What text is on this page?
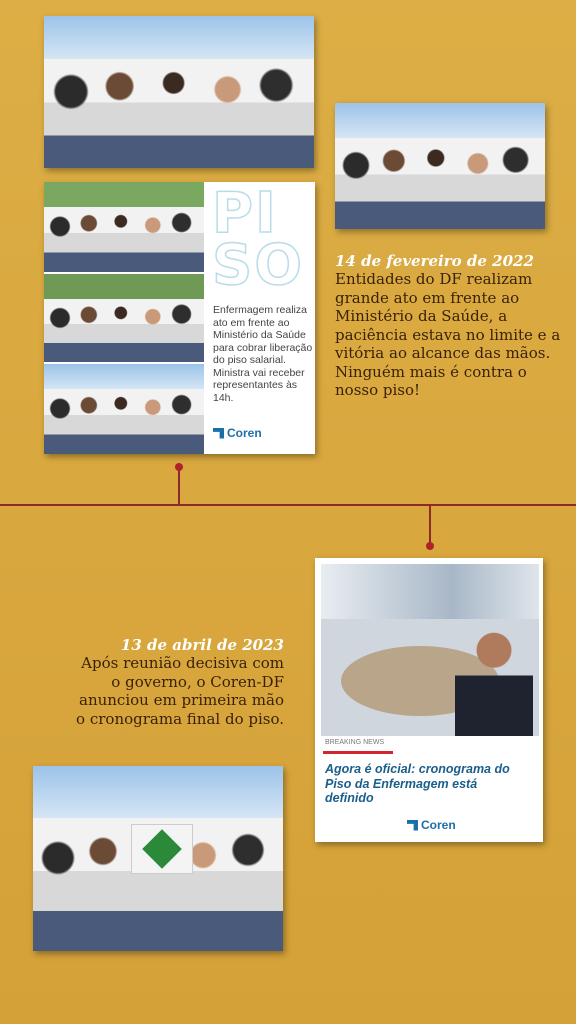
PI
SO
Enfermagem realiza ato em frente ao Ministério da Saúde para cobrar liberação do piso salarial. Ministra vai receber representantes às 14h.
Coren
14 de fevereiro de 2022
Entidades do DF realizam grande ato em frente ao Ministério da Saúde, a paciência estava no limite e a vitória ao alcance das mãos. Ninguém mais é contra o nosso piso!
BREAKING NEWS
Agora é oficial: cronograma do Piso da Enfermagem está definido
Coren
13 de abril de 2023
Após reunião decisiva com o governo, o Coren-DF anunciou em primeira mão o cronograma final do piso.
